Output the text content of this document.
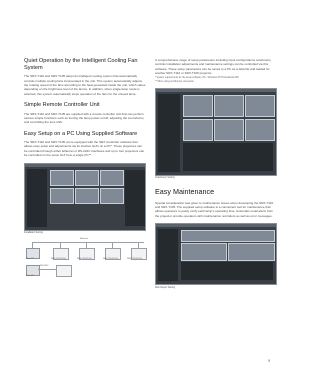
Quiet Operation by the Intelligent Cooling Fan System

The SRX-T110 and SRX-T105 adopt an intelligent cooling system that automatically controls multiple cooling fans incorporated in the unit. This system automatically adjusts the rotating speed of the fans according to the heat generated inside the unit, which varies depending on the brightness level of the lamps. In addition, when single-lamp mode is selected, this system automatically stops operation of the fans for the unused lamp.

Simple Remote Controller Unit

The SRX-T110 and SRX-T105 are supplied with a remote controller unit that can perform various simple functions such as turning the lamp power on/off, adjusting the zoom/focus, and controlling the lens shift.

Easy Setup on a PC Using Supplied Software

The SRX-T110 and SRX-T105 come equipped with the SRX Controller software that allows easy setup and adjustments via its intuitive GUIs on a PC*. These projectors can be controlled through either Ethernet or RS-232C interfaces and up to four projectors can be controlled on the same GUI from a single PC**.

Installation Setting
Ethernet
Main PC	SRX-T110/T105	SRX-T110/T105	SRX-T110/T105	SRX-T110/T105
RS-232C
Main PC

A comprehensive range of setup parameters including input configurations colorimetry controls installation adjustments and maintenance settings can be controlled via this software. These setup parameters can be saved to a PC as a data file and loaded for another SRX-T110 or SRX-T105 projector.

* System requirements for the setup software: OS - Windows XP Professional SP2
** When using an Ethernet connection
Colorimetry Setting
Easy Maintenance

Special consideration was given to maintenance issues when developing the SRX-T110 and SRX-T105. The supplied setup software is a convenient tool for maintenance that allows operators to easily verify each lamp's operating time. Automatic email alerts from the projector provide operators with maintenance reminders as well as error messages.

Web Report Setting
9
